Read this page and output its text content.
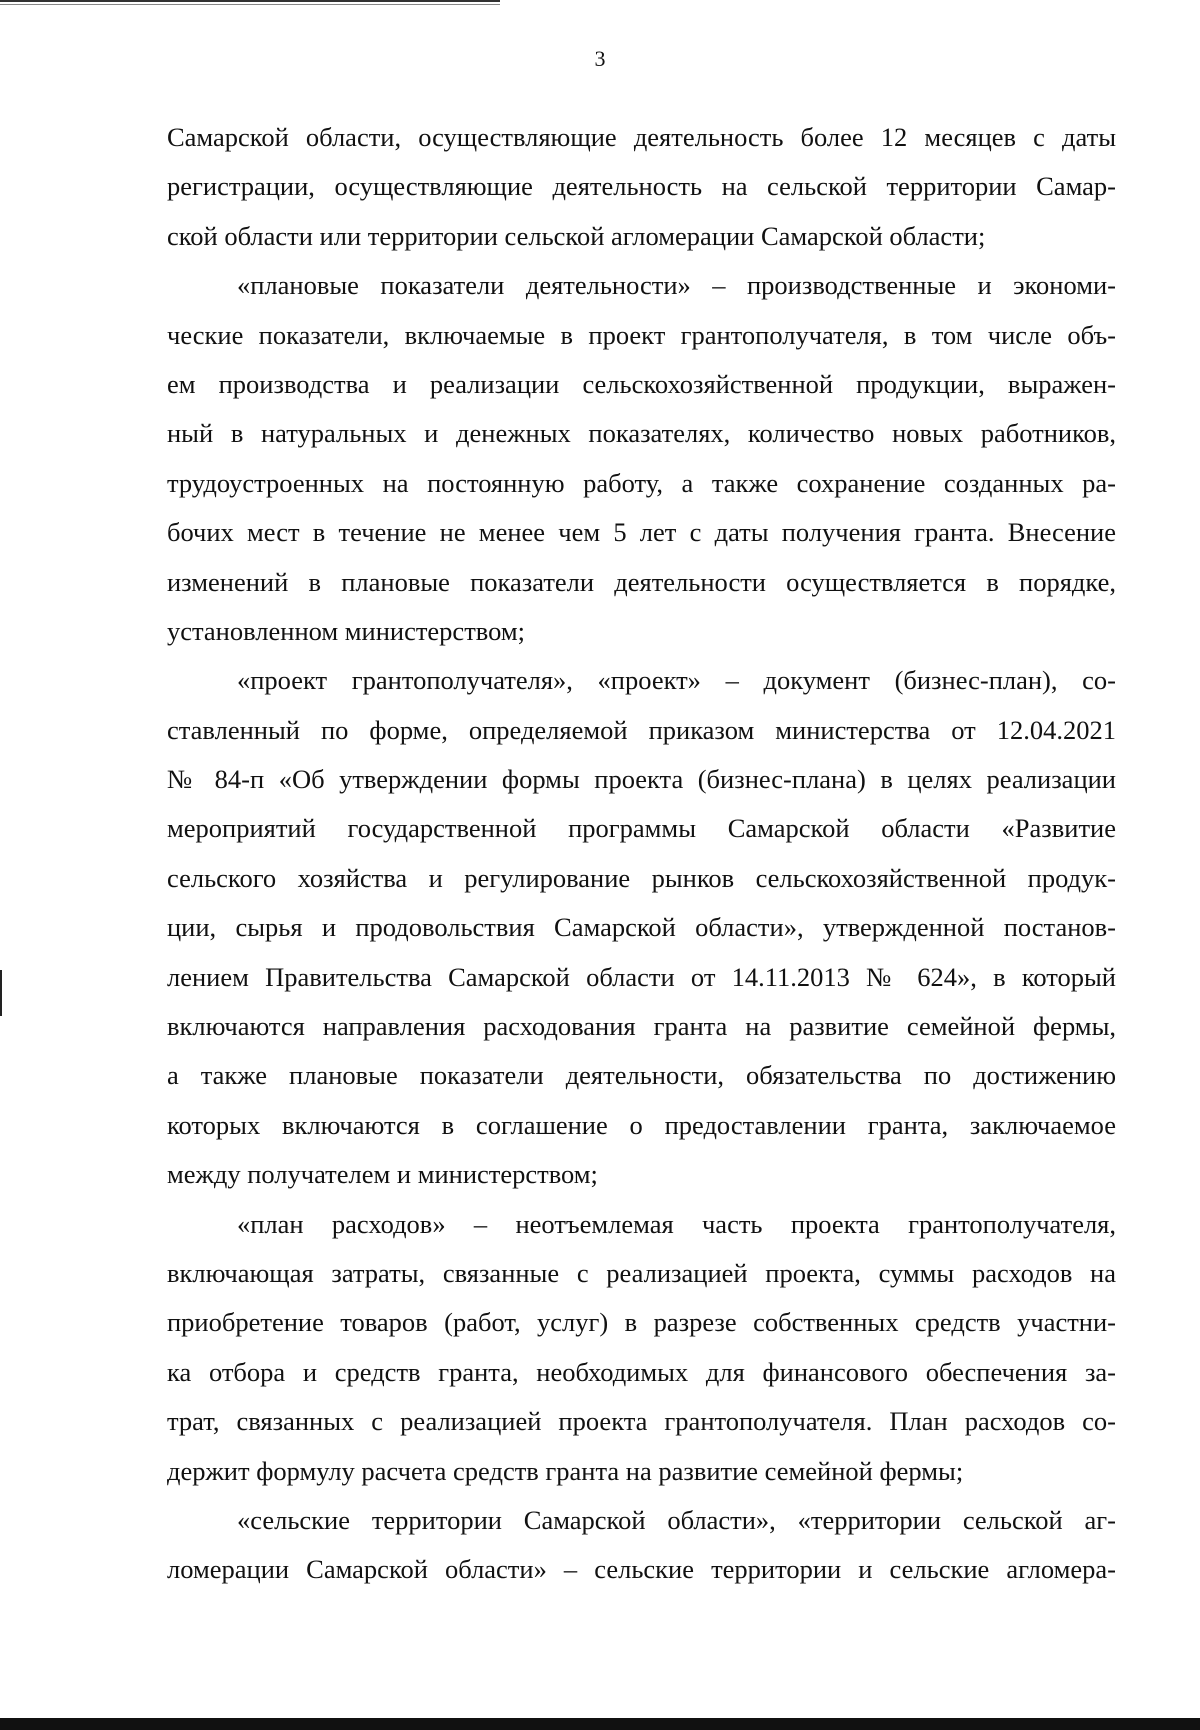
3
Самарской области, осуществляющие деятельность более 12 месяцев с даты
регистрации, осуществляющие деятельность на сельской территории Самар-
ской области или территории сельской агломерации Самарской области;
«плановые показатели деятельности» – производственные и экономи-
ческие показатели, включаемые в проект грантополучателя, в том числе объ-
ем производства и реализации сельскохозяйственной продукции, выражен-
ный в натуральных и денежных показателях, количество новых работников,
трудоустроенных на постоянную работу, а также сохранение созданных ра-
бочих мест в течение не менее чем 5 лет с даты получения гранта. Внесение
изменений в плановые показатели деятельности осуществляется в порядке,
установленном министерством;
«проект грантополучателя», «проект» – документ (бизнес-план), со-
ставленный по форме, определяемой приказом министерства от 12.04.2021
№ 84-п «Об утверждении формы проекта (бизнес-плана) в целях реализации
мероприятий государственной программы Самарской области «Развитие
сельского хозяйства и регулирование рынков сельскохозяйственной продук-
ции, сырья и продовольствия Самарской области», утвержденной постанов-
лением Правительства Самарской области от 14.11.2013 № 624», в который
включаются направления расходования гранта на развитие семейной фермы,
а также плановые показатели деятельности, обязательства по достижению
которых включаются в соглашение о предоставлении гранта, заключаемое
между получателем и министерством;
«план расходов» – неотъемлемая часть проекта грантополучателя,
включающая затраты, связанные с реализацией проекта, суммы расходов на
приобретение товаров (работ, услуг) в разрезе собственных средств участни-
ка отбора и средств гранта, необходимых для финансового обеспечения за-
трат, связанных с реализацией проекта грантополучателя. План расходов со-
держит формулу расчета средств гранта на развитие семейной фермы;
«сельские территории Самарской области», «территории сельской аг-
ломерации Самарской области» – сельские территории и сельские агломера-
